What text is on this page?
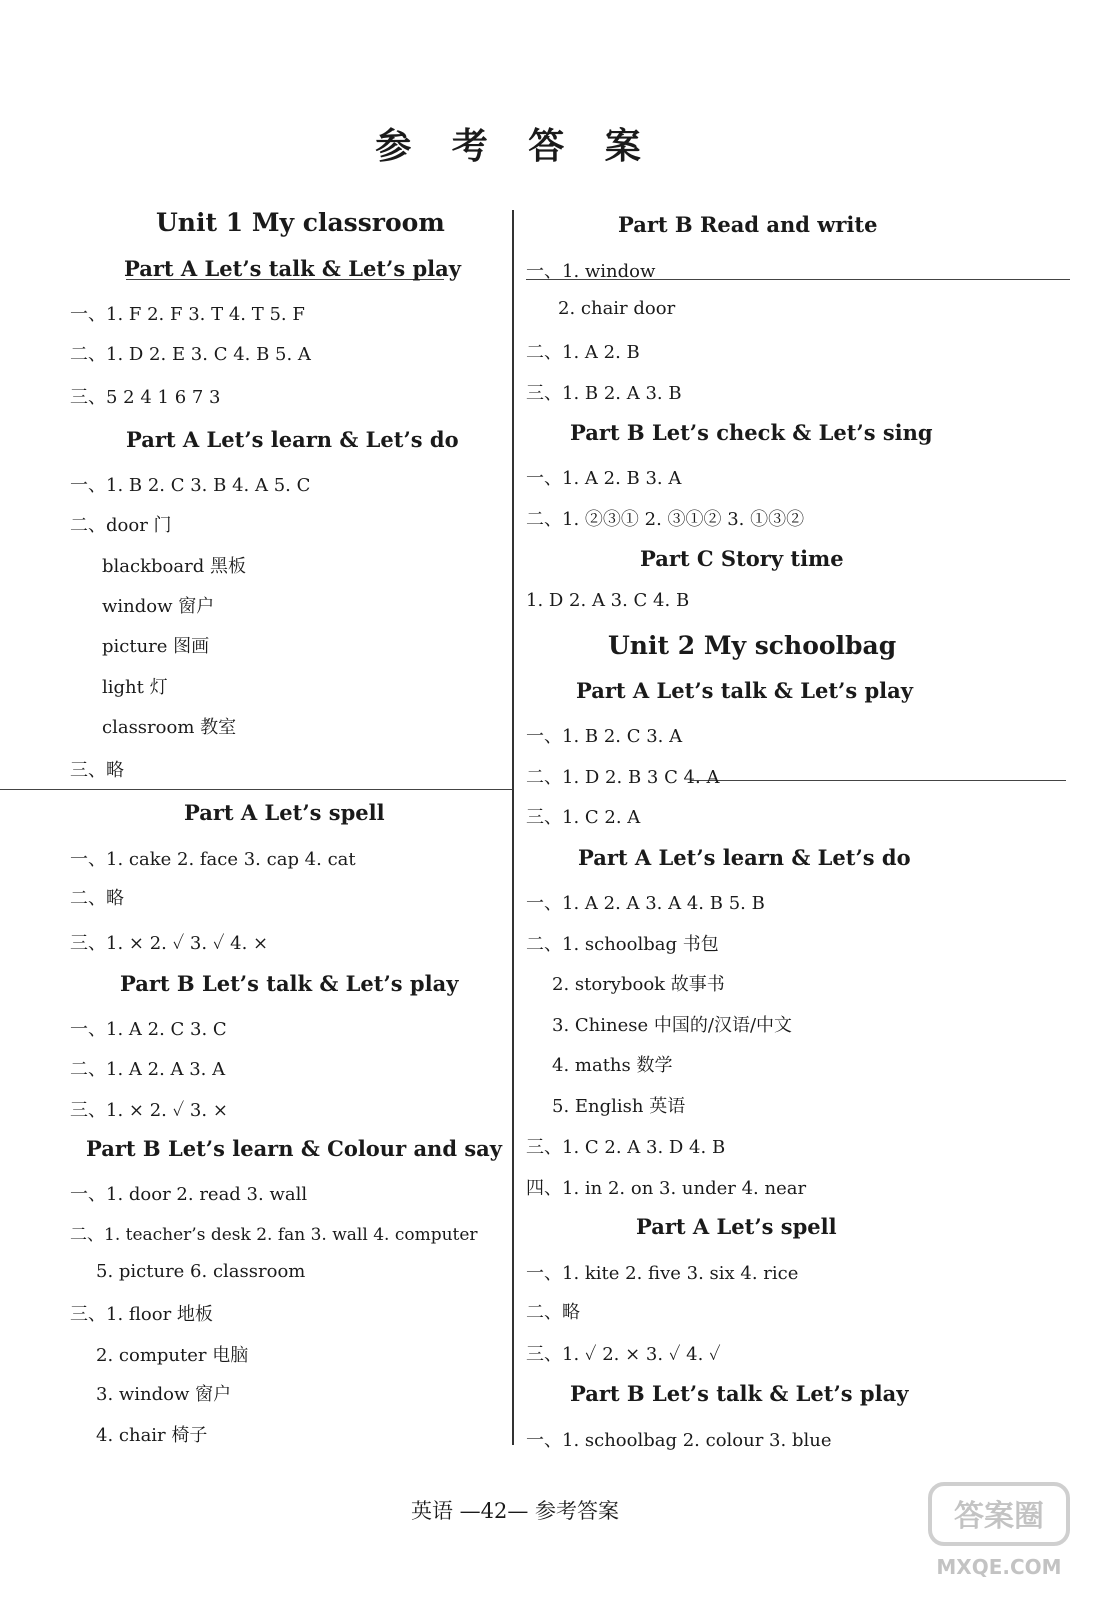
参 考 答 案
Unit 1 My classroom
Part A Let’s talk & Let’s play
一、1. F 2. F 3. T 4. T 5. F
二、1. D 2. E 3. C 4. B 5. A
三、5 2 4 1 6 7 3
Part A Let’s learn & Let’s do
一、1. B 2. C 3. B 4. A 5. C
二、door 门
blackboard 黑板
window 窗户
picture 图画
light 灯
classroom 教室
三、略
Part A Let’s spell
一、1. cake 2. face 3. cap 4. cat
二、略
三、1. × 2. ✓ 3. ✓ 4. ×
Part B Let’s talk & Let’s play
一、1. A 2. C 3. C
二、1. A 2. A 3. A
三、1. × 2. ✓ 3. ×
Part B Let’s learn & Colour and say
一、1. door 2. read 3. wall
二、1. teacher’s desk 2. fan 3. wall 4. computer
5. picture 6. classroom
三、1. floor 地板
2. computer 电脑
3. window 窗户
4. chair 椅子
Part B Read and write
一、1. window
2. chair door
二、1. A 2. B
三、1. B 2. A 3. B
Part B Let’s check & Let’s sing
一、1. A 2. B 3. A
二、1. ②③① 2. ③①② 3. ①③②
Part C Story time
1. D 2. A 3. C 4. B
Unit 2 My schoolbag
Part A Let’s talk & Let’s play
一、1. B 2. C 3. A
二、1. D 2. B 3 C 4. A
三、1. C 2. A
Part A Let’s learn & Let’s do
一、1. A 2. A 3. A 4. B 5. B
二、1. schoolbag 书包
2. storybook 故事书
3. Chinese 中国的/汉语/中文
4. maths 数学
5. English 英语
三、1. C 2. A 3. D 4. B
四、1. in 2. on 3. under 4. near
Part A Let’s spell
一、1. kite 2. five 3. six 4. rice
二、略
三、1. ✓ 2. × 3. ✓ 4. ✓
Part B Let’s talk & Let’s play
一、1. schoolbag 2. colour 3. blue
英语 —42— 参考答案	答案圈
MXQE.COM
